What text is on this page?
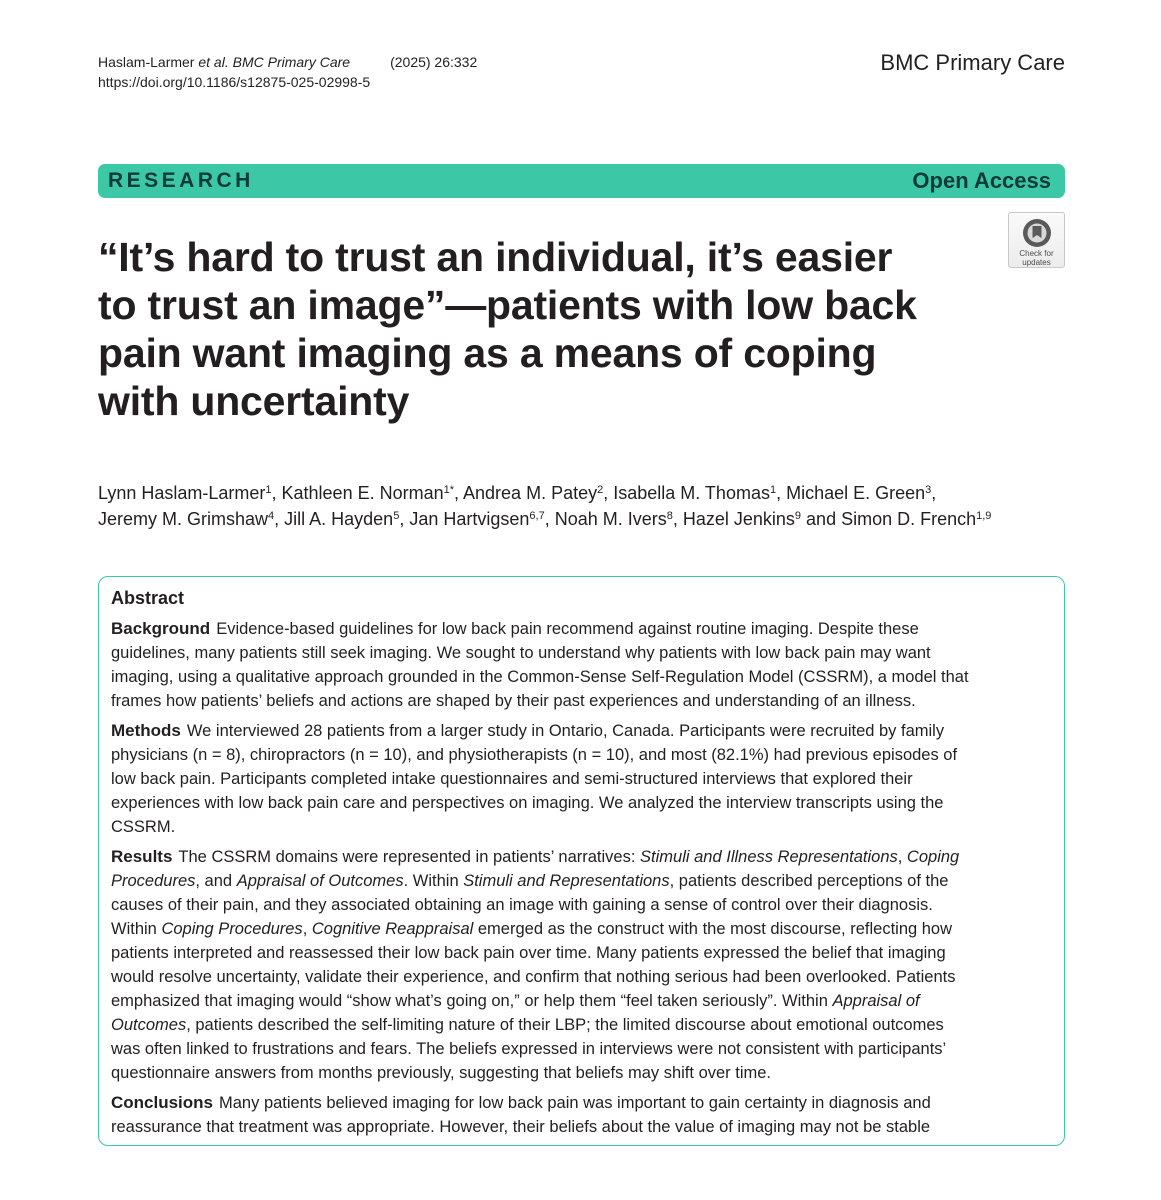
Haslam-Larmer et al. BMC Primary Care	(2025) 26:332
https://doi.org/10.1186/s12875-025-02998-5
BMC Primary Care
RESEARCH	Open Access
Check for
updates
“It’s hard to trust an individual, it’s easier
to trust an image”—patients with low back
pain want imaging as a means of coping
with uncertainty
Lynn Haslam-Larmer$^1$, Kathleen E. Norman$^{1*}$, Andrea M. Patey$^2$, Isabella M. Thomas$^1$, Michael E. Green$^3$,
Jeremy M. Grimshaw$^4$, Jill A. Hayden$^5$, Jan Hartvigsen$^{6,7}$, Noah M. Ivers$^8$, Hazel Jenkins$^9$ and Simon D. French$^{1,9}$
Abstract
Background Evidence-based guidelines for low back pain recommend against routine imaging. Despite these
guidelines, many patients still seek imaging. We sought to understand why patients with low back pain may want
imaging, using a qualitative approach grounded in the Common-Sense Self-Regulation Model (CSSRM), a model that
frames how patients’ beliefs and actions are shaped by their past experiences and understanding of an illness.
Methods We interviewed 28 patients from a larger study in Ontario, Canada. Participants were recruited by family
physicians (n = 8), chiropractors (n = 10), and physiotherapists (n = 10), and most (82.1%) had previous episodes of
low back pain. Participants completed intake questionnaires and semi-structured interviews that explored their
experiences with low back pain care and perspectives on imaging. We analyzed the interview transcripts using the
CSSRM.
Results The CSSRM domains were represented in patients’ narratives: Stimuli and Illness Representations, Coping
Procedures, and Appraisal of Outcomes. Within Stimuli and Representations, patients described perceptions of the
causes of their pain, and they associated obtaining an image with gaining a sense of control over their diagnosis.
Within Coping Procedures, Cognitive Reappraisal emerged as the construct with the most discourse, reflecting how
patients interpreted and reassessed their low back pain over time. Many patients expressed the belief that imaging
would resolve uncertainty, validate their experience, and confirm that nothing serious had been overlooked. Patients
emphasized that imaging would “show what’s going on,” or help them “feel taken seriously”. Within Appraisal of
Outcomes, patients described the self-limiting nature of their LBP; the limited discourse about emotional outcomes
was often linked to frustrations and fears. The beliefs expressed in interviews were not consistent with participants’
questionnaire answers from months previously, suggesting that beliefs may shift over time.
Conclusions Many patients believed imaging for low back pain was important to gain certainty in diagnosis and
reassurance that treatment was appropriate. However, their beliefs about the value of imaging may not be stable
